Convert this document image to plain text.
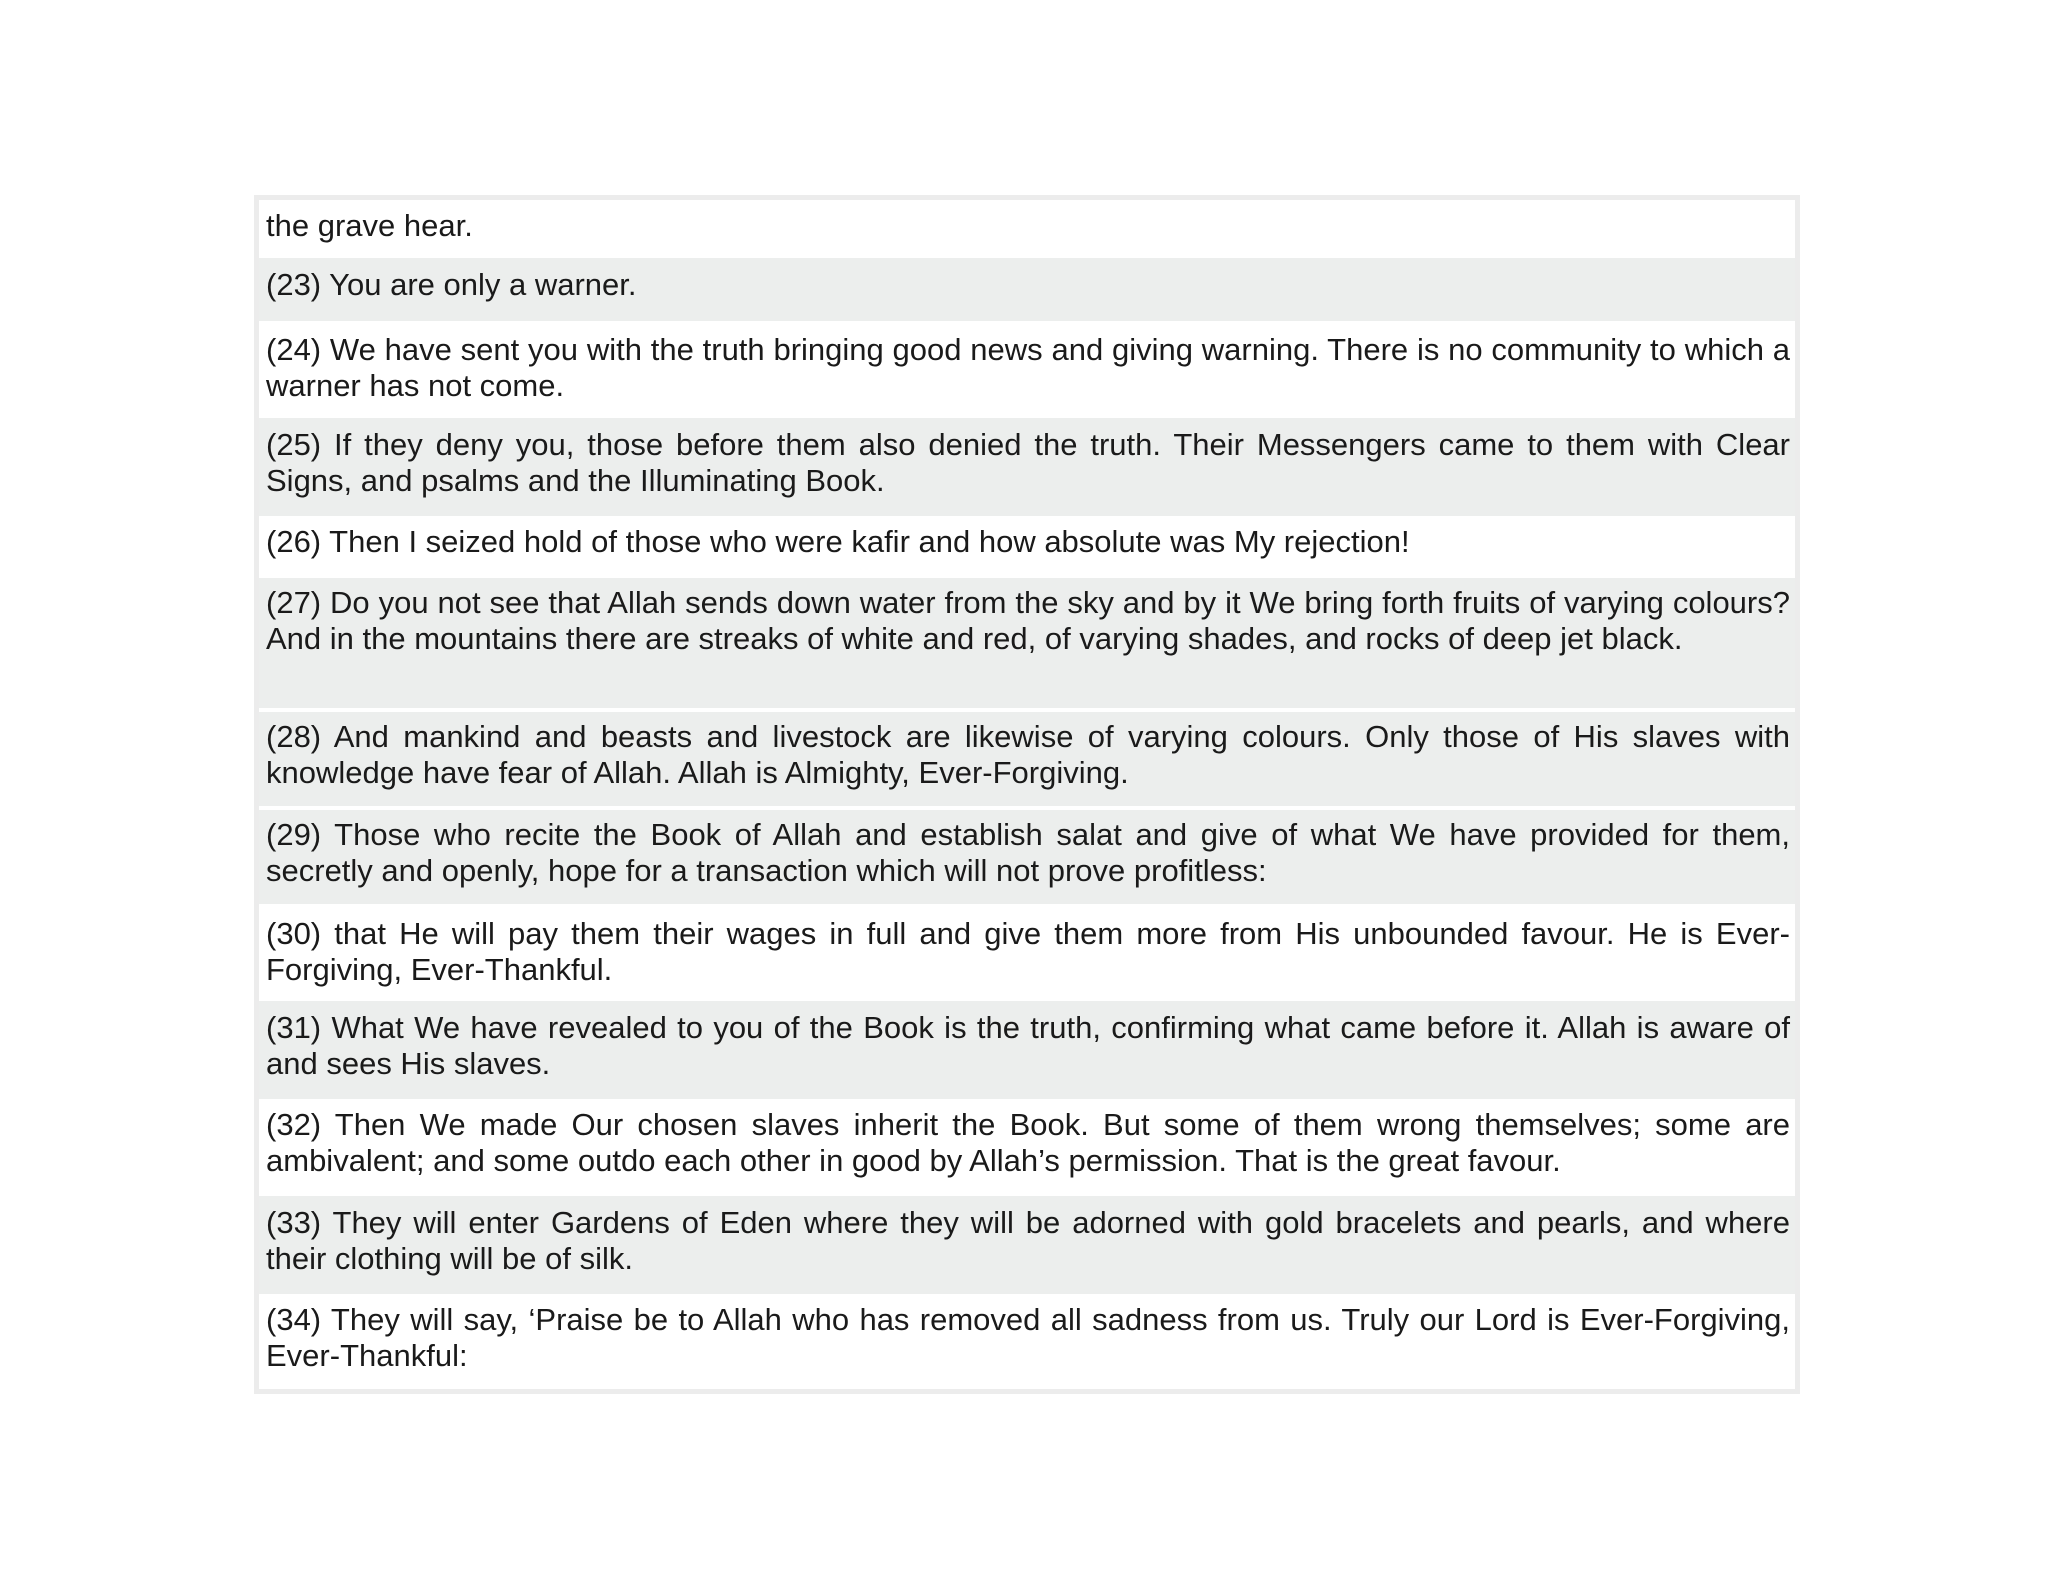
the grave hear.
(23) You are only a warner.
(24) We have sent you with the truth bringing good news and giving warning. There is no community to which a warner has not come.
(25) If they deny you, those before them also denied the truth. Their Messengers came to them with Clear Signs, and psalms and the Illuminating Book.
(26) Then I seized hold of those who were kafir and how absolute was My rejection!
(27) Do you not see that Allah sends down water from the sky and by it We bring forth fruits of varying colours? And in the mountains there are streaks of white and red, of varying shades, and rocks of deep jet black.
(28) And mankind and beasts and livestock are likewise of varying colours. Only those of His slaves with knowledge have fear of Allah. Allah is Almighty, Ever-Forgiving.
(29) Those who recite the Book of Allah and establish salat and give of what We have provided for them, secretly and openly, hope for a transaction which will not prove profitless:
(30) that He will pay them their wages in full and give them more from His unbounded favour. He is Ever-Forgiving, Ever-Thankful.
(31) What We have revealed to you of the Book is the truth, confirming what came before it. Allah is aware of and sees His slaves.
(32) Then We made Our chosen slaves inherit the Book. But some of them wrong themselves; some are ambivalent; and some outdo each other in good by Allah’s permission. That is the great favour.
(33) They will enter Gardens of Eden where they will be adorned with gold bracelets and pearls, and where their clothing will be of silk.
(34) They will say, ‘Praise be to Allah who has removed all sadness from us. Truly our Lord is Ever-Forgiving, Ever-Thankful:
